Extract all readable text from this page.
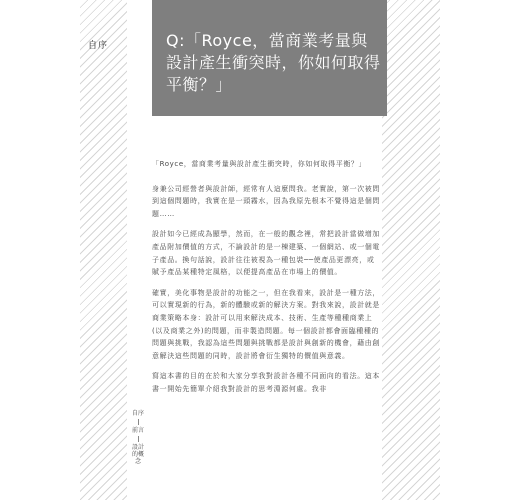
自序	Q:「Royce，當商業考量與設計產生衝突時，你如何取得平衡？」

「Royce，當商業考量與設計產生衝突時，你如何取得平衡？」

身兼公司經營者與設計師，經常有人這麼問我。老實說，第一次被問到這個問題時，我實在是一頭霧水，因為我原先根本不覺得這是個問題……

設計如今已經成為顯學，然而，在一般的觀念裡，常把設計當做增加產品附加價值的方式，不論設計的是一棟建築、一個網站、或一個電子產品。換句話說，設計往往被視為一種包裝──使產品更漂亮，或賦予產品某種特定風格，以便提高產品在市場上的價值。

確實，美化事物是設計的功能之一，但在我看來，設計是一種方法，可以實現新的行為，新的體驗或新的解決方案。對我來說，設計就是商業策略本身：設計可以用來解決成本、技術、生產等種種商業上(以及商業之外)的問題，而非製造問題。每一個設計都會面臨種種的問題與挑戰，我認為這些問題與挑戰都是設計與創新的機會，藉由創意解決這些問題的同時，設計將會衍生獨特的價值與意義。

寫這本書的目的在於和大家分享我對設計各種不同面向的看法。這本書一開始先簡單介紹我對設計的思考淵源何處。我非

自序
前言
設計的概念
